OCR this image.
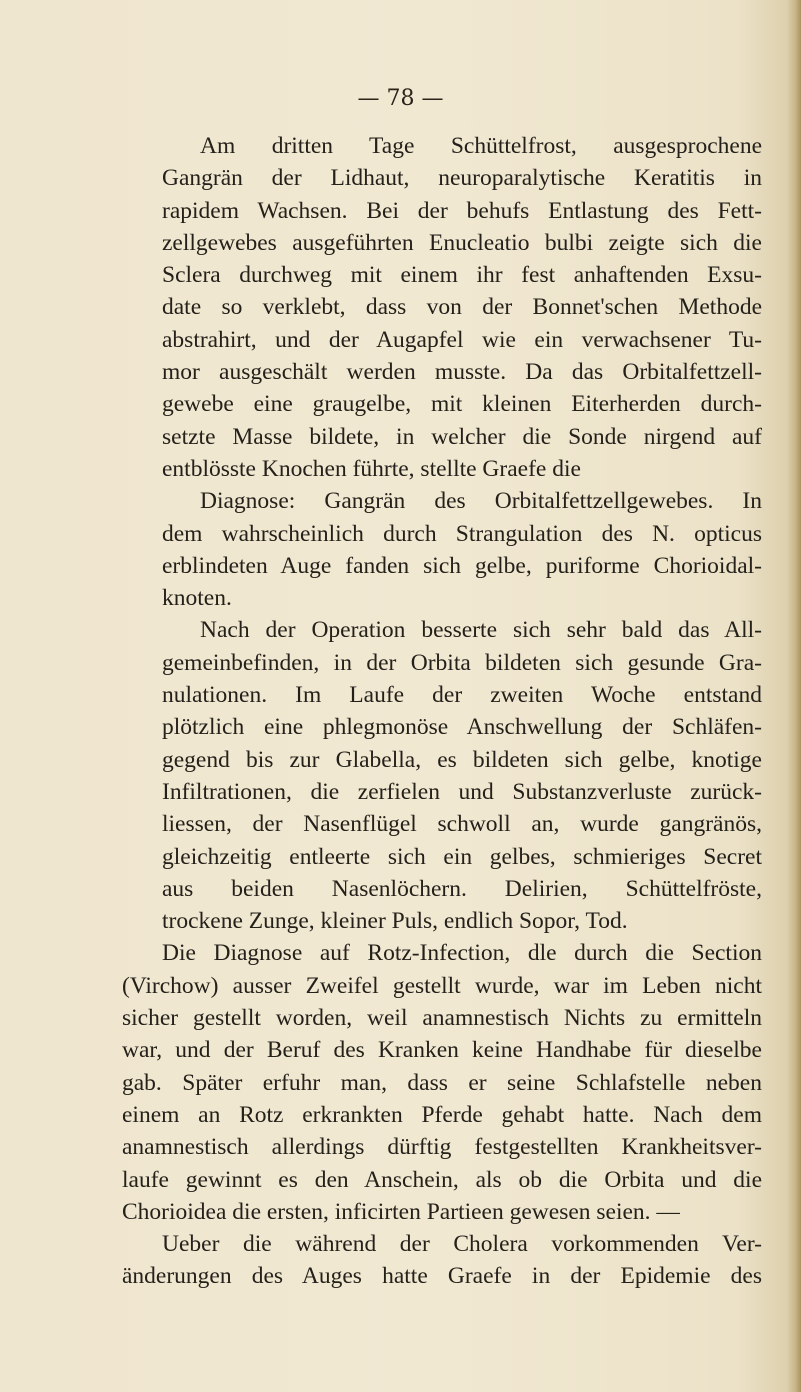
— 78 —
Am dritten Tage Schüttelfrost, ausgesprochene
Gangrän der Lidhaut, neuroparalytische Keratitis in
rapidem Wachsen. Bei der behufs Entlastung des Fett-
zellgewebes ausgeführten Enucleatio bulbi zeigte sich die
Sclera durchweg mit einem ihr fest anhaftenden Exsu-
date so verklebt, dass von der Bonnet'schen Methode
abstrahirt, und der Augapfel wie ein verwachsener Tu-
mor ausgeschält werden musste. Da das Orbitalfettzell-
gewebe eine graugelbe, mit kleinen Eiterherden durch-
setzte Masse bildete, in welcher die Sonde nirgend auf
entblösste Knochen führte, stellte Graefe die
Diagnose: Gangrän des Orbitalfettzellgewebes. In
dem wahrscheinlich durch Strangulation des N. opticus
erblindeten Auge fanden sich gelbe, puriforme Chorioidal-
knoten.
Nach der Operation besserte sich sehr bald das All-
gemeinbefinden, in der Orbita bildeten sich gesunde Gra-
nulationen. Im Laufe der zweiten Woche entstand
plötzlich eine phlegmonöse Anschwellung der Schläfen-
gegend bis zur Glabella, es bildeten sich gelbe, knotige
Infiltrationen, die zerfielen und Substanzverluste zurück-
liessen, der Nasenflügel schwoll an, wurde gangränös,
gleichzeitig entleerte sich ein gelbes, schmieriges Secret
aus beiden Nasenlöchern. Delirien, Schüttelfröste,
trockene Zunge, kleiner Puls, endlich Sopor, Tod.
Die Diagnose auf Rotz-Infection, dle durch die Section
(Virchow) ausser Zweifel gestellt wurde, war im Leben nicht
sicher gestellt worden, weil anamnestisch Nichts zu ermitteln
war, und der Beruf des Kranken keine Handhabe für dieselbe
gab. Später erfuhr man, dass er seine Schlafstelle neben
einem an Rotz erkrankten Pferde gehabt hatte. Nach dem
anamnestisch allerdings dürftig festgestellten Krankheitsver-
laufe gewinnt es den Anschein, als ob die Orbita und die
Chorioidea die ersten, inficirten Partieen gewesen seien. —
Ueber die während der Cholera vorkommenden Ver-
änderungen des Auges hatte Graefe in der Epidemie des
